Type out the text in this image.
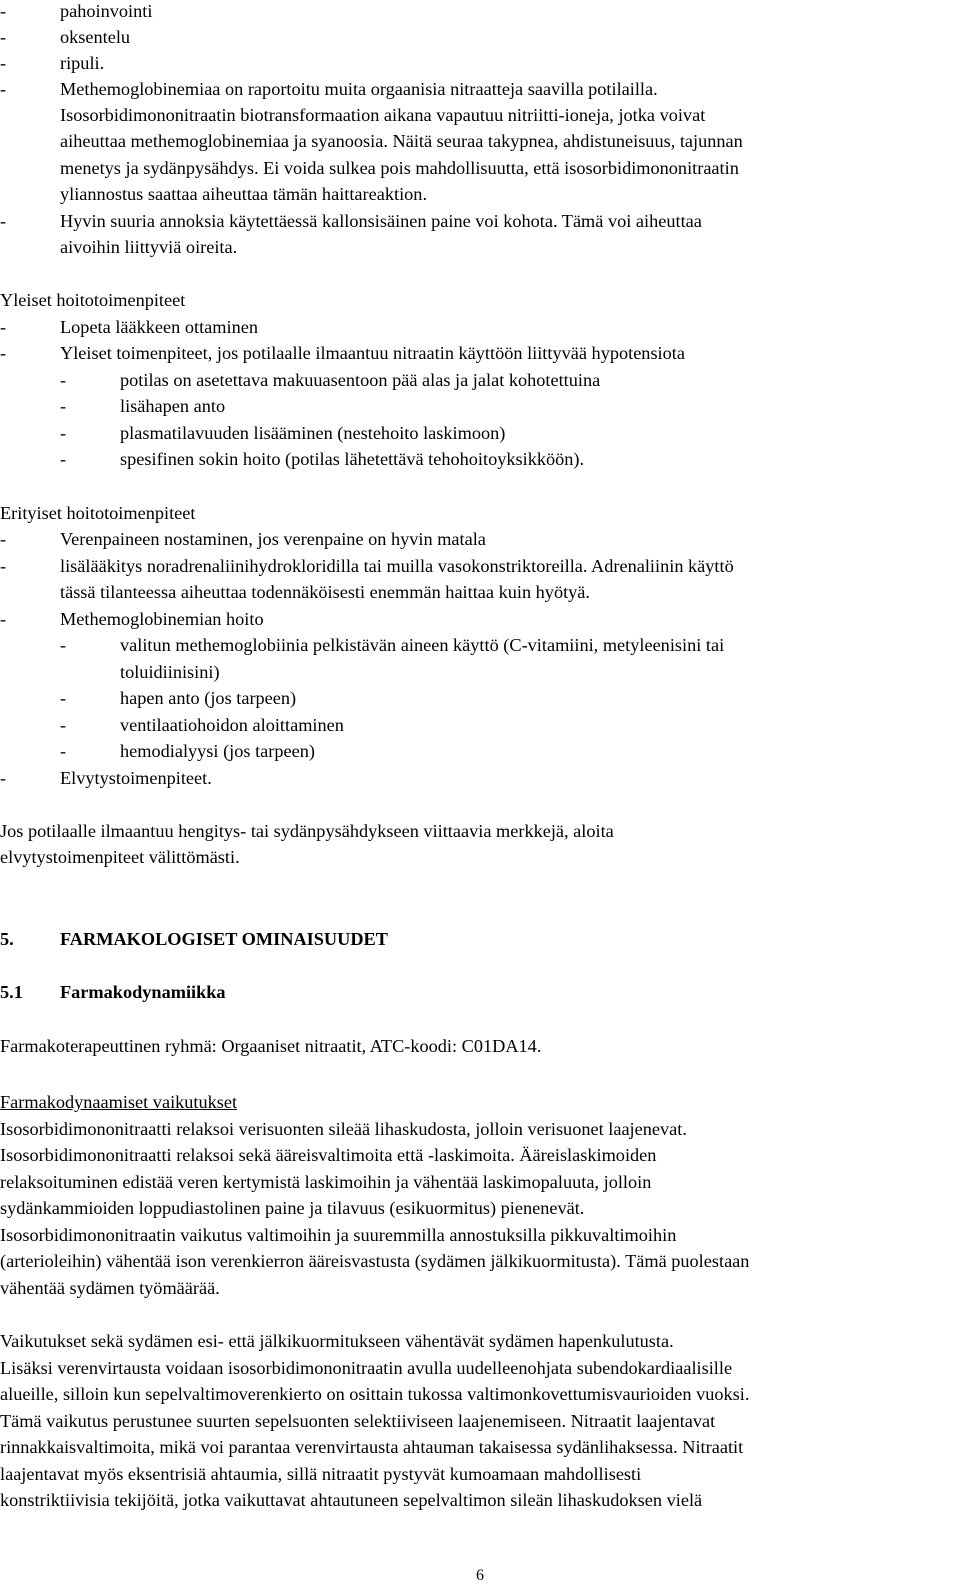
-	pahoinvointi
-	oksentelu
-	ripuli.
-	Methemoglobinemiaa on raportoitu muita orgaanisia nitraatteja saavilla potilailla.
Isosorbidimononitraatin biotransformaation aikana vapautuu nitriitti-ioneja, jotka voivat
aiheuttaa methemoglobinemiaa ja syanoosia. Näitä seuraa takypnea, ahdistuneisuus, tajunnan
menetys ja sydänpysähdys. Ei voida sulkea pois mahdollisuutta, että isosorbidimononitraatin
yliannostus saattaa aiheuttaa tämän haittareaktion.
-	Hyvin suuria annoksia käytettäessä kallonsisäinen paine voi kohota. Tämä voi aiheuttaa
aivoihin liittyviä oireita.
Yleiset hoitotoimenpiteet
-	Lopeta lääkkeen ottaminen
-	Yleiset toimenpiteet, jos potilaalle ilmaantuu nitraatin käyttöön liittyvää hypotensiota
-	potilas on asetettava makuuasentoon pää alas ja jalat kohotettuina
-	lisähapen anto
-	plasmatilavuuden lisääminen (nestehoito laskimoon)
-	spesifinen sokin hoito (potilas lähetettävä tehohoitoyksikköön).
Erityiset hoitotoimenpiteet
-	Verenpaineen nostaminen, jos verenpaine on hyvin matala
-	lisälääkitys noradrenaliinihydrokloridilla tai muilla vasokonstriktoreilla. Adrenaliinin käyttö
tässä tilanteessa aiheuttaa todennäköisesti enemmän haittaa kuin hyötyä.
-	Methemoglobinemian hoito
-	valitun methemoglobiinia pelkistävän aineen käyttö (C-vitamiini, metyleenisini tai
toluidiinisini)
-	hapen anto (jos tarpeen)
-	ventilaatiohoidon aloittaminen
-	hemodialyysi (jos tarpeen)
-	Elvytystoimenpiteet.
Jos potilaalle ilmaantuu hengitys- tai sydänpysähdykseen viittaavia merkkejä, aloita
elvytystoimenpiteet välittömästi.
5.	FARMAKOLOGISET OMINAISUUDET
5.1 Farmakodynamiikka
Farmakoterapeuttinen ryhmä: Orgaaniset nitraatit, ATC-koodi: C01DA14.
Farmakodynaamiset vaikutukset
Isosorbidimononitraatti relaksoi verisuonten sileää lihaskudosta, jolloin verisuonet laajenevat.
Isosorbidimononitraatti relaksoi sekä ääreisvaltimoita että -laskimoita. Ääreislaskimoiden
relaksoituminen edistää veren kertymistä laskimoihin ja vähentää laskimopaluuta, jolloin
sydänkammioiden loppudiastolinen paine ja tilavuus (esikuormitus) pienenevät.
Isosorbidimononitraatin vaikutus valtimoihin ja suuremmilla annostuksilla pikkuvaltimoihin
(arterioleihin) vähentää ison verenkierron ääreisvastusta (sydämen jälkikuormitusta). Tämä puolestaan
vähentää sydämen työmäärää.
Vaikutukset sekä sydämen esi- että jälkikuormitukseen vähentävät sydämen hapenkulutusta.
Lisäksi verenvirtausta voidaan isosorbidimononitraatin avulla uudelleenohjata subendokardiaalisille
alueille, silloin kun sepelvaltimoverenkierto on osittain tukossa valtimonkovettumisvaurioiden vuoksi.
Tämä vaikutus perustunee suurten sepelsuonten selektiiviseen laajenemiseen. Nitraatit laajentavat
rinnakkaisvaltimoita, mikä voi parantaa verenvirtausta ahtauman takaisessa sydänlihaksessa. Nitraatit
laajentavat myös eksentrisiä ahtaumia, sillä nitraatit pystyvät kumoamaan mahdollisesti
konstriktiivisia tekijöitä, jotka vaikuttavat ahtautuneen sepelvaltimon sileän lihaskudoksen vielä
6
